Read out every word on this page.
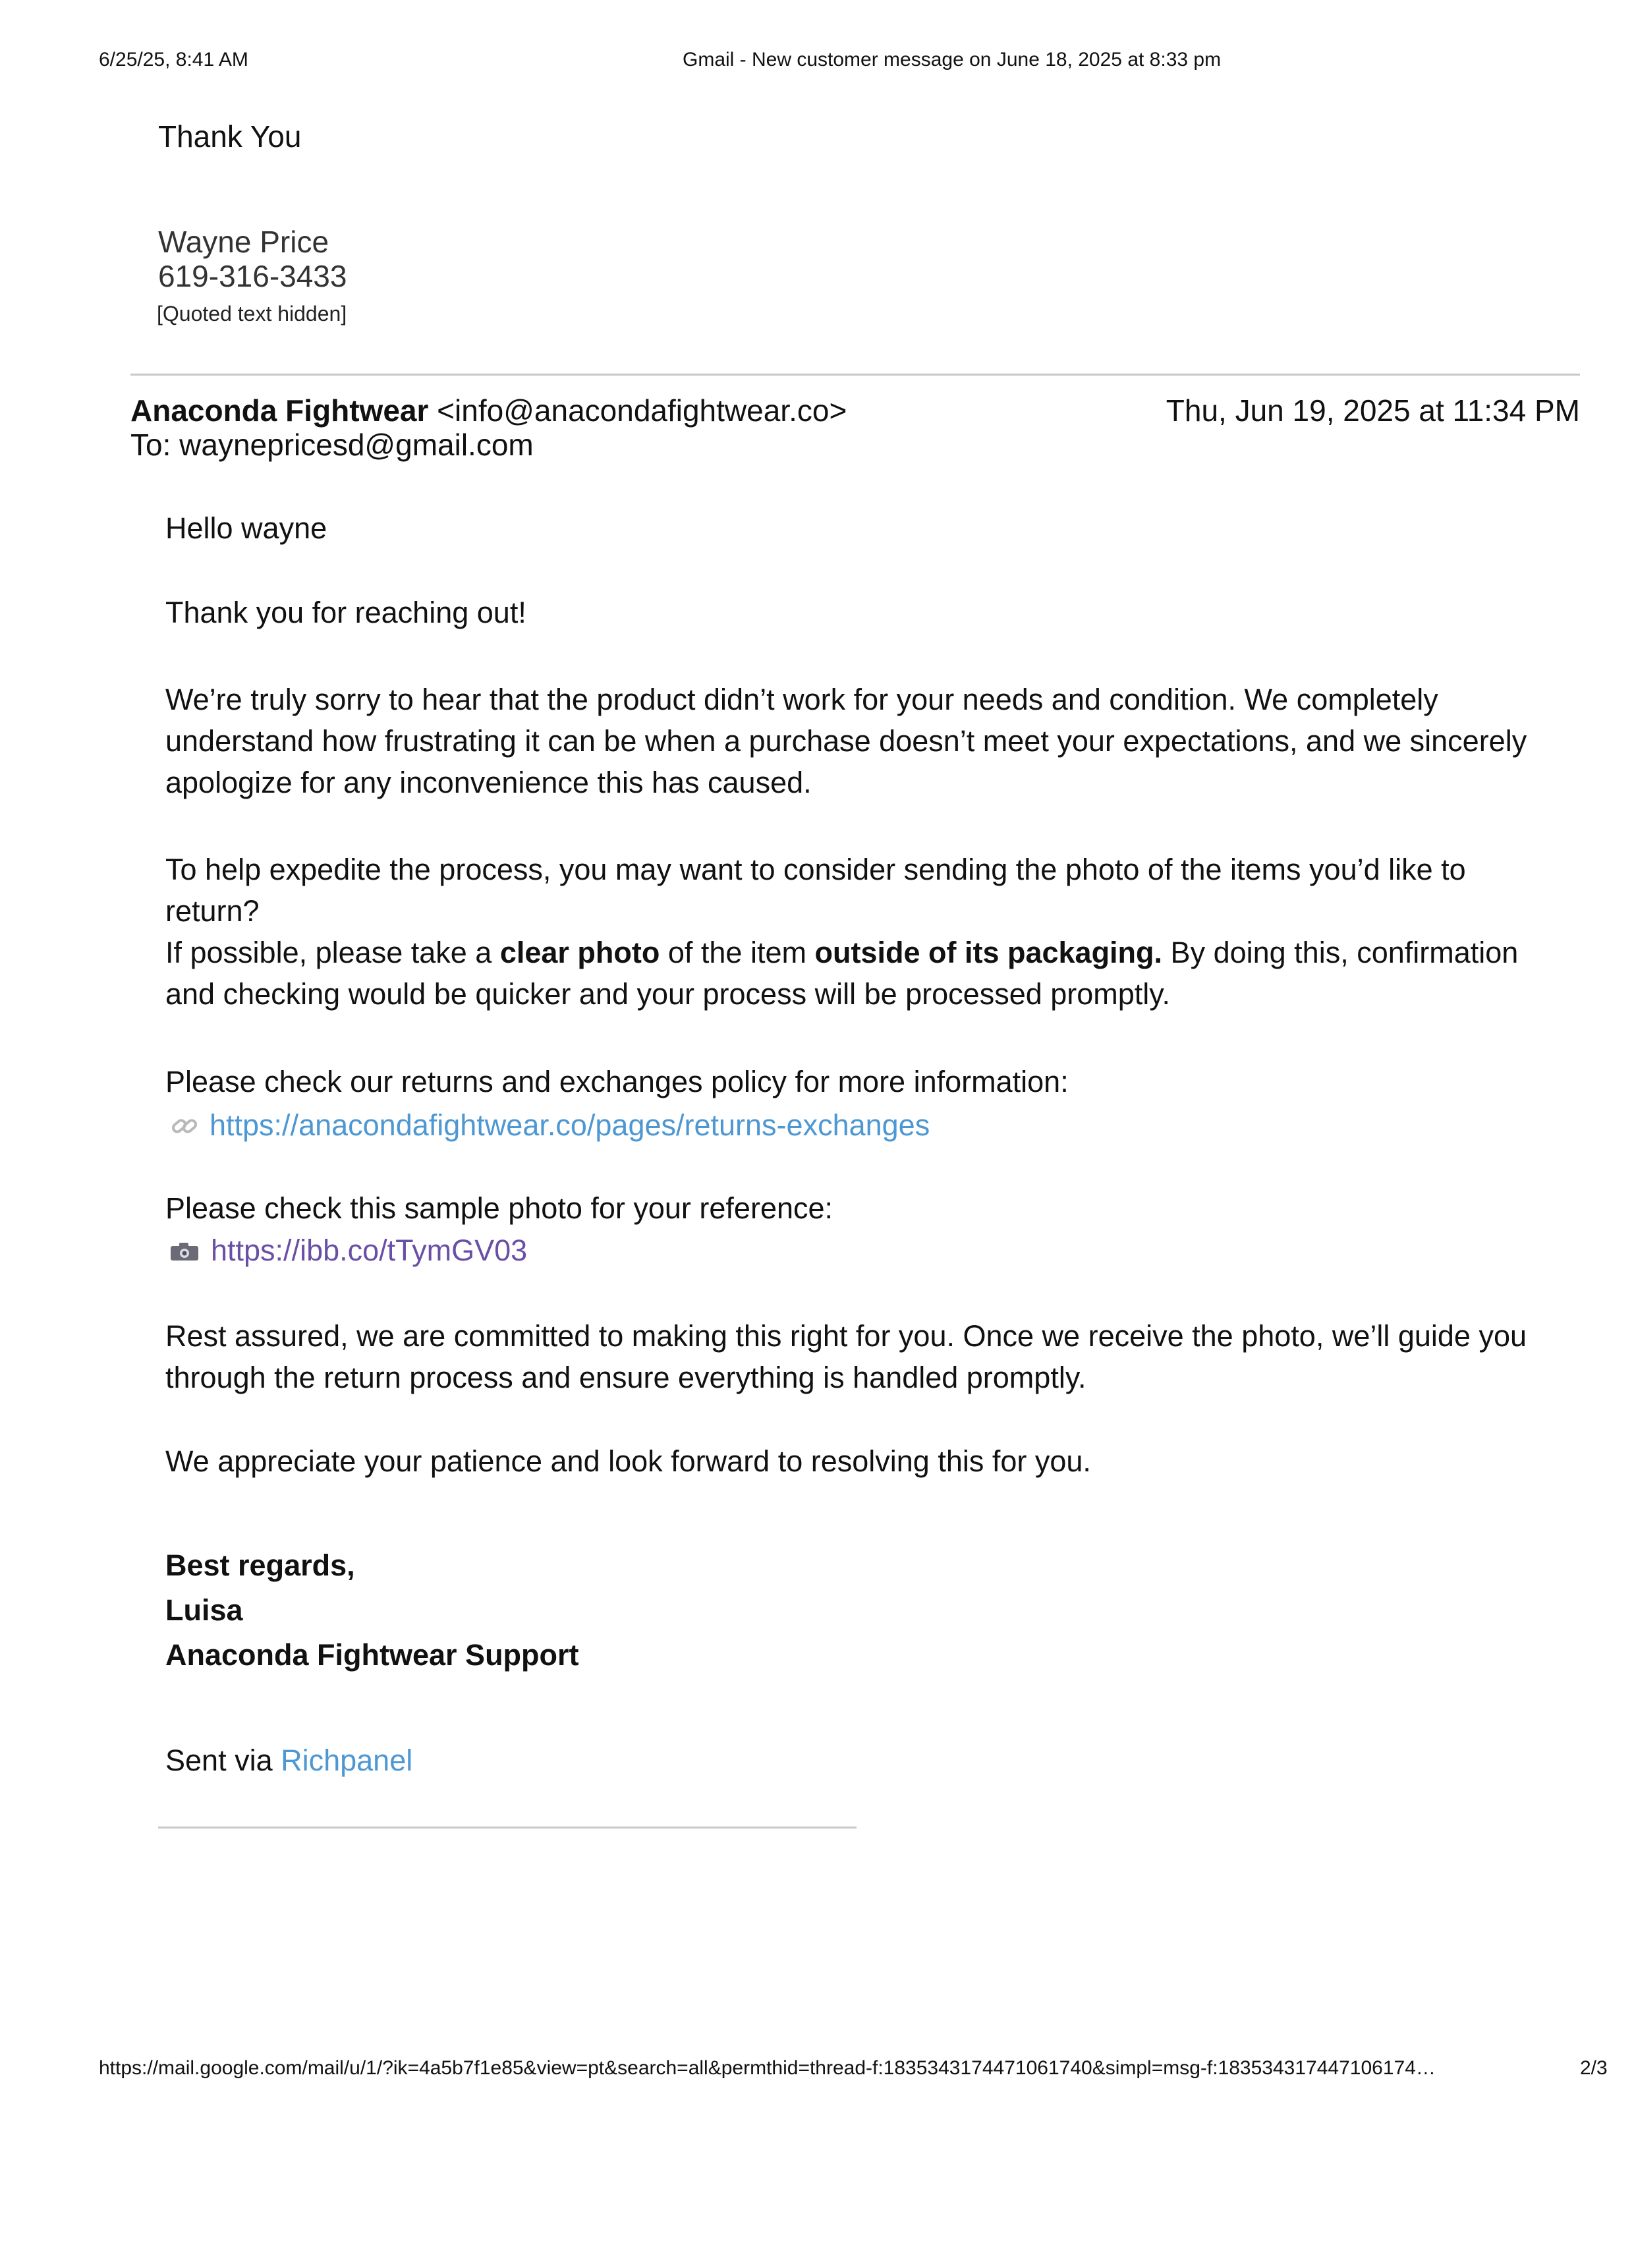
6/25/25, 8:41 AM	Gmail - New customer message on June 18, 2025 at 8:33 pm
Thank You
Wayne Price
619-316-3433
[Quoted text hidden]
Anaconda Fightwear <info@anacondafightwear.co>	Thu, Jun 19, 2025 at 11:34 PM
To: waynepricesd@gmail.com
Hello wayne
Thank you for reaching out!
We’re truly sorry to hear that the product didn’t work for your needs and condition. We completely understand how frustrating it can be when a purchase doesn’t meet your expectations, and we sincerely apologize for any inconvenience this has caused.
To help expedite the process, you may want to consider sending the photo of the items you’d like to return?
If possible, please take a clear photo of the item outside of its packaging. By doing this, confirmation and checking would be quicker and your process will be processed promptly.
Please check our returns and exchanges policy for more information:
https://anacondafightwear.co/pages/returns-exchanges
Please check this sample photo for your reference:
https://ibb.co/tTymGV03
Rest assured, we are committed to making this right for you. Once we receive the photo, we’ll guide you through the return process and ensure everything is handled promptly.
We appreciate your patience and look forward to resolving this for you.
Best regards,
Luisa
Anaconda Fightwear Support
Sent via Richpanel
https://mail.google.com/mail/u/1/?ik=4a5b7f1e85&view=pt&search=all&permthid=thread-f:1835343174471061740&simpl=msg-f:183534317447106174…	2/3
